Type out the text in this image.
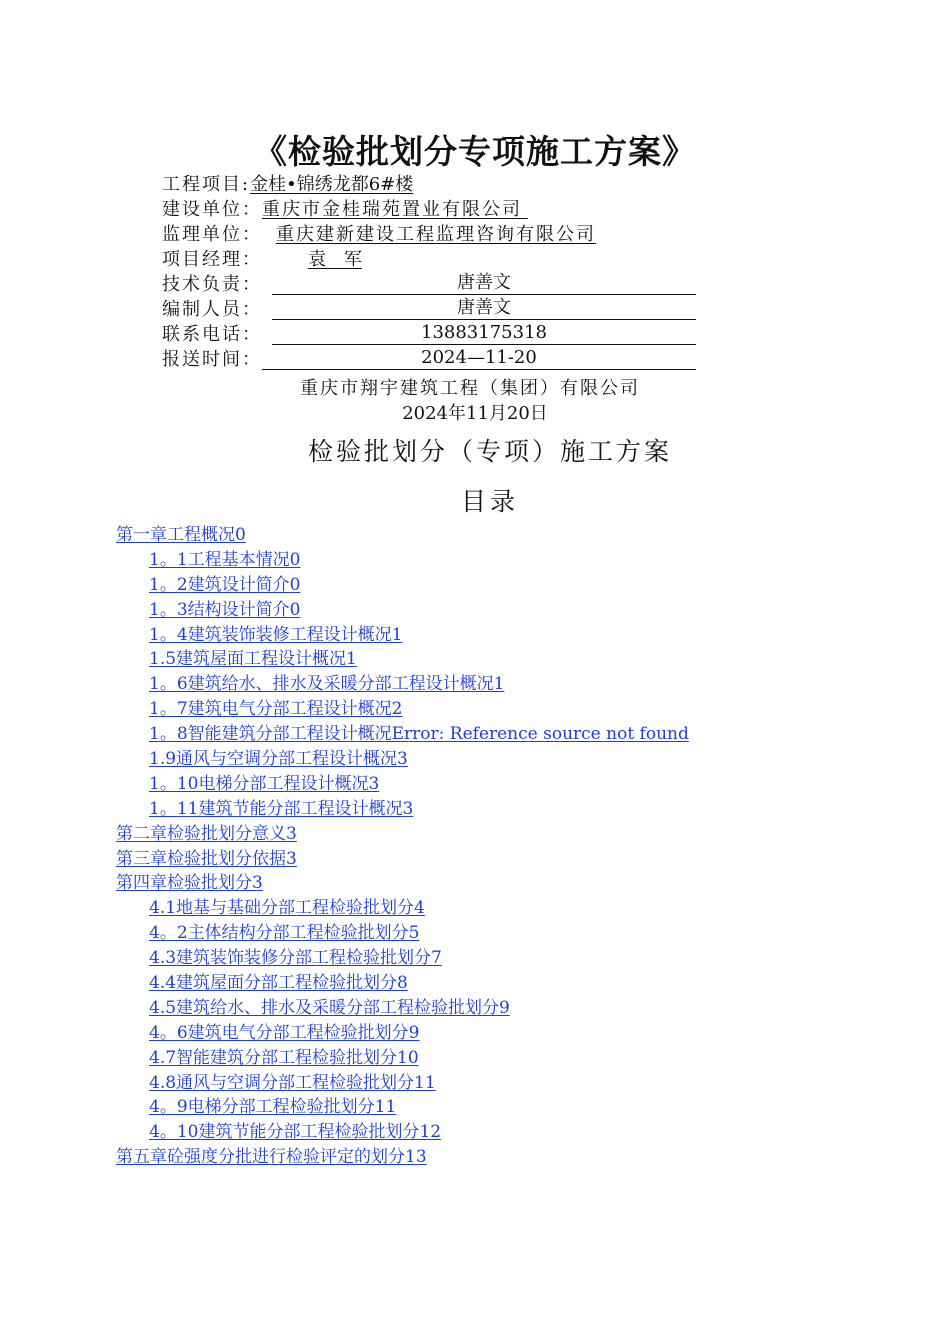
《检验批划分专项施工方案》
工程项目: 金桂•锦绣龙都6#楼
建设单位： 重庆市金桂瑞苑置业有限公司

监理单位： 重庆建新建设工程监理咨询有限公司
项目经理：	袁　军
技术负责：	唐善文
编制人员：	唐善文
联系电话：	13883175318
报送时间：	2024—11-20
重庆市翔宇建筑工程（集团）有限公司
2024年11月20日
检验批划分（专项）施工方案
目录
第一章工程概况0
1。1工程基本情况0
1。2建筑设计简介0
1。3结构设计简介0
1。4建筑装饰装修工程设计概况1
1.5建筑屋面工程设计概况1
1。6建筑给水、排水及采暖分部工程设计概况1
1。7建筑电气分部工程设计概况2
1。8智能建筑分部工程设计概况Error: Reference source not found
1.9通风与空调分部工程设计概况3
1。10电梯分部工程设计概况3
1。11建筑节能分部工程设计概况3
第二章检验批划分意义3
第三章检验批划分依据3
第四章检验批划分3
4.1地基与基础分部工程检验批划分4
4。2主体结构分部工程检验批划分5
4.3建筑装饰装修分部工程检验批划分7
4.4建筑屋面分部工程检验批划分8
4.5建筑给水、排水及采暖分部工程检验批划分9
4。6建筑电气分部工程检验批划分9
4.7智能建筑分部工程检验批划分10
4.8通风与空调分部工程检验批划分11
4。9电梯分部工程检验批划分11
4。10建筑节能分部工程检验批划分12
第五章砼强度分批进行检验评定的划分13
